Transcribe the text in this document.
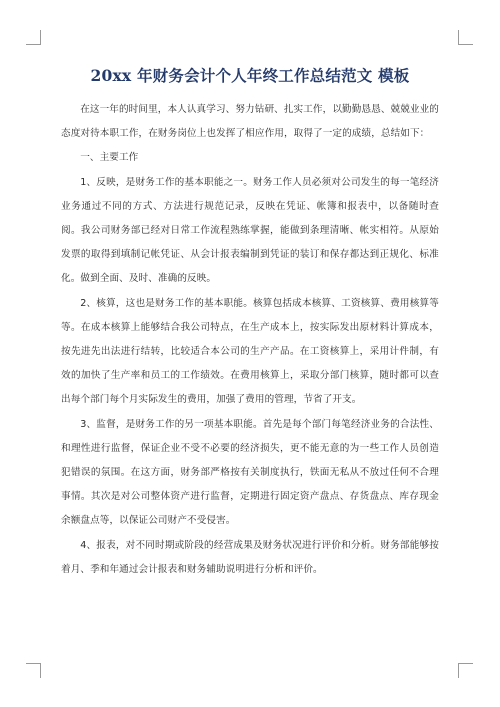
20xx 年财务会计个人年终工作总结范文 模板

在这一年的时间里，本人认真学习、努力钻研、扎实工作，以勤勤恳恳、兢兢业业的态度对待本职工作，在财务岗位上也发挥了相应作用，取得了一定的成绩，总结如下：

一、主要工作

1、反映，是财务工作的基本职能之一。财务工作人员必须对公司发生的每一笔经济业务通过不同的方式、方法进行规范记录，反映在凭证、帐簿和报表中，以备随时查阅。我公司财务部已经对日常工作流程熟练掌握，能做到条理清晰、帐实相符。从原始发票的取得到填制记帐凭证、从会计报表编制到凭证的装订和保存都达到正规化、标准化。做到全面、及时、准确的反映。

2、核算，这也是财务工作的基本职能。核算包括成本核算、工资核算、费用核算等等。在成本核算上能够结合我公司特点，在生产成本上，按实际发出原材料计算成本，按先进先出法进行结转，比较适合本公司的生产产品。在工资核算上，采用计件制，有效的加快了生产率和员工的工作绩效。在费用核算上，采取分部门核算，随时都可以查出每个部门每个月实际发生的费用，加强了费用的管理，节省了开支。

3、监督，是财务工作的另一项基本职能。首先是每个部门每笔经济业务的合法性、和理性进行监督，保证企业不受不必要的经济损失，更不能无意的为一些工作人员创造犯错误的氛围。在这方面，财务部严格按有关制度执行，铁面无私从不放过任何不合理事情。其次是对公司整体资产进行监督，定期进行固定资产盘点、存货盘点、库存现金余额盘点等，以保证公司财产不受侵害。

4、报表，对不同时期或阶段的经营成果及财务状况进行评价和分析。财务部能够按着月、季和年通过会计报表和财务辅助说明进行分析和评价。
